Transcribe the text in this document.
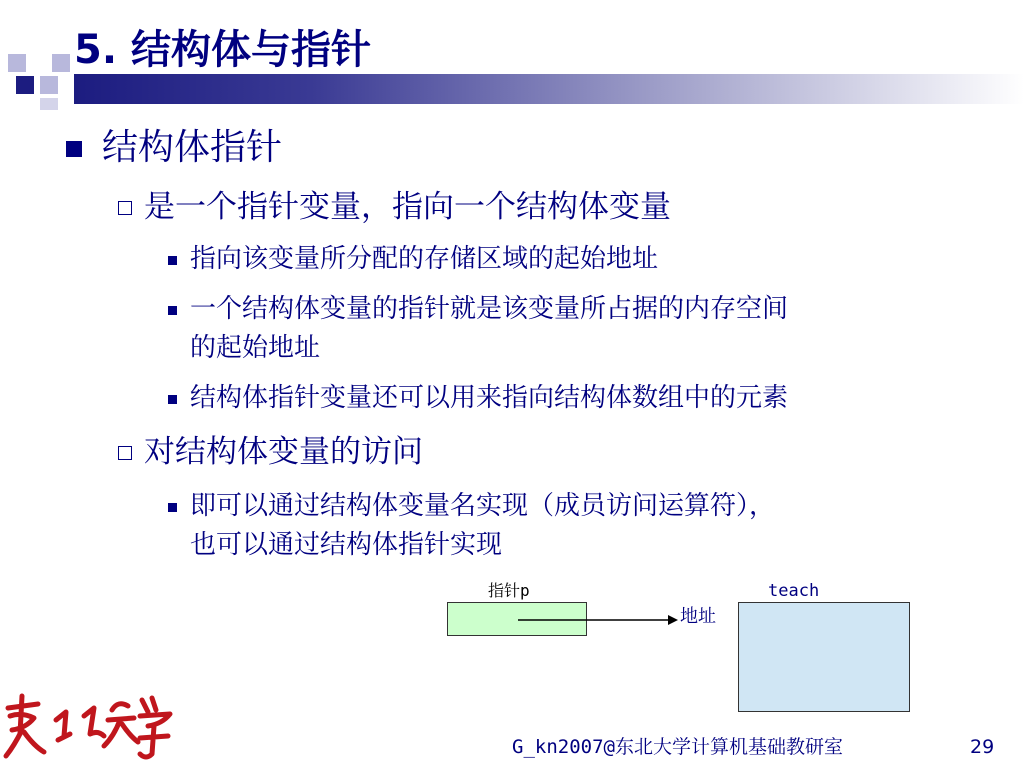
5. 结构体与指针
结构体指针
是一个指针变量，指向一个结构体变量
指向该变量所分配的存储区域的起始地址
一个结构体变量的指针就是该变量所占据的内存空间
的起始地址
结构体指针变量还可以用来指向结构体数组中的元素
对结构体变量的访问
即可以通过结构体变量名实现（成员访问运算符），
也可以通过结构体指针实现
指针p	teach
地址
G_kn2007@东北大学计算机基础教研室	29
